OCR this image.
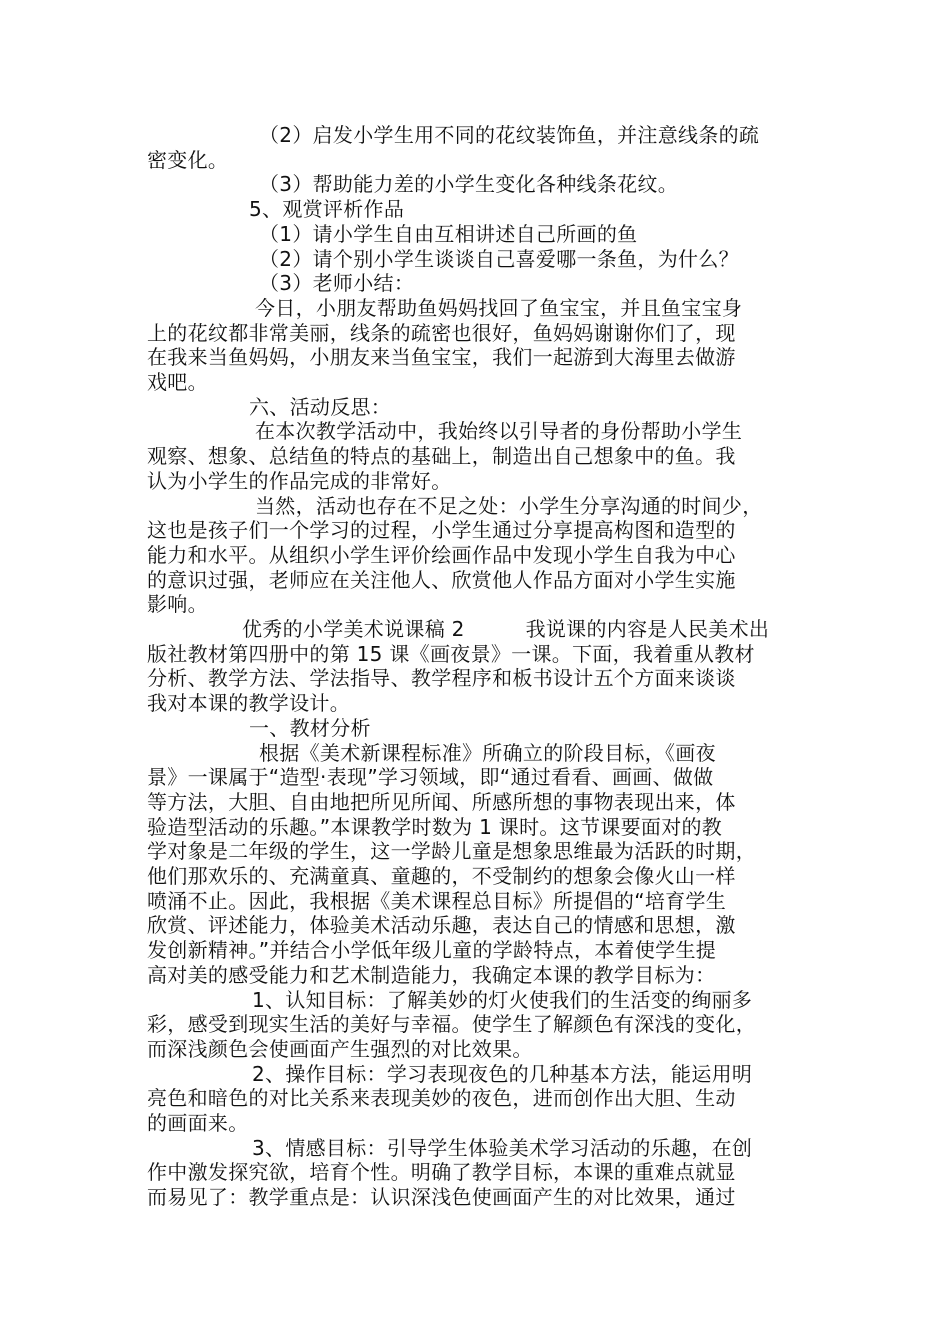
（2）启发小学生用不同的花纹装饰鱼，并注意线条的疏
密变化。
（3）帮助能力差的小学生变化各种线条花纹。
5、观赏评析作品
（1）请小学生自由互相讲述自己所画的鱼
（2）请个别小学生谈谈自己喜爱哪一条鱼，为什么？
（3）老师小结：
今日，小朋友帮助鱼妈妈找回了鱼宝宝，并且鱼宝宝身
上的花纹都非常美丽，线条的疏密也很好，鱼妈妈谢谢你们了，现
在我来当鱼妈妈，小朋友来当鱼宝宝，我们一起游到大海里去做游
戏吧。
六、活动反思：
在本次教学活动中，我始终以引导者的身份帮助小学生
观察、想象、总结鱼的特点的基础上，制造出自己想象中的鱼。我
认为小学生的作品完成的非常好。
当然，活动也存在不足之处：小学生分享沟通的时间少，
这也是孩子们一个学习的过程，小学生通过分享提高构图和造型的
能力和水平。从组织小学生评价绘画作品中发现小学生自我为中心
的意识过强，老师应在关注他人、欣赏他人作品方面对小学生实施
影响。
优秀的小学美术说课稿 2　　　我说课的内容是人民美术出
版社教材第四册中的第 15 课《画夜景》一课。下面，我着重从教材
分析、教学方法、学法指导、教学程序和板书设计五个方面来谈谈
我对本课的教学设计。
一、教材分析
根据《美术新课程标准》所确立的阶段目标，《画夜
景》一课属于“造型·表现”学习领域，即“通过看看、画画、做做
等方法，大胆、自由地把所见所闻、所感所想的事物表现出来，体
验造型活动的乐趣。”本课教学时数为 1 课时。这节课要面对的教
学对象是二年级的学生，这一学龄儿童是想象思维最为活跃的时期，
他们那欢乐的、充满童真、童趣的，不受制约的想象会像火山一样
喷涌不止。因此，我根据《美术课程总目标》所提倡的“培育学生
欣赏、评述能力，体验美术活动乐趣，表达自己的情感和思想，激
发创新精神。”并结合小学低年级儿童的学龄特点，本着使学生提
高对美的感受能力和艺术制造能力，我确定本课的教学目标为：
1、认知目标：了解美妙的灯火使我们的生活变的绚丽多
彩，感受到现实生活的美好与幸福。使学生了解颜色有深浅的变化，
而深浅颜色会使画面产生强烈的对比效果。
2、操作目标：学习表现夜色的几种基本方法，能运用明
亮色和暗色的对比关系来表现美妙的夜色，进而创作出大胆、生动
的画面来。
3、情感目标：引导学生体验美术学习活动的乐趣，在创
作中激发探究欲，培育个性。明确了教学目标，本课的重难点就显
而易见了：教学重点是：认识深浅色使画面产生的对比效果，通过
